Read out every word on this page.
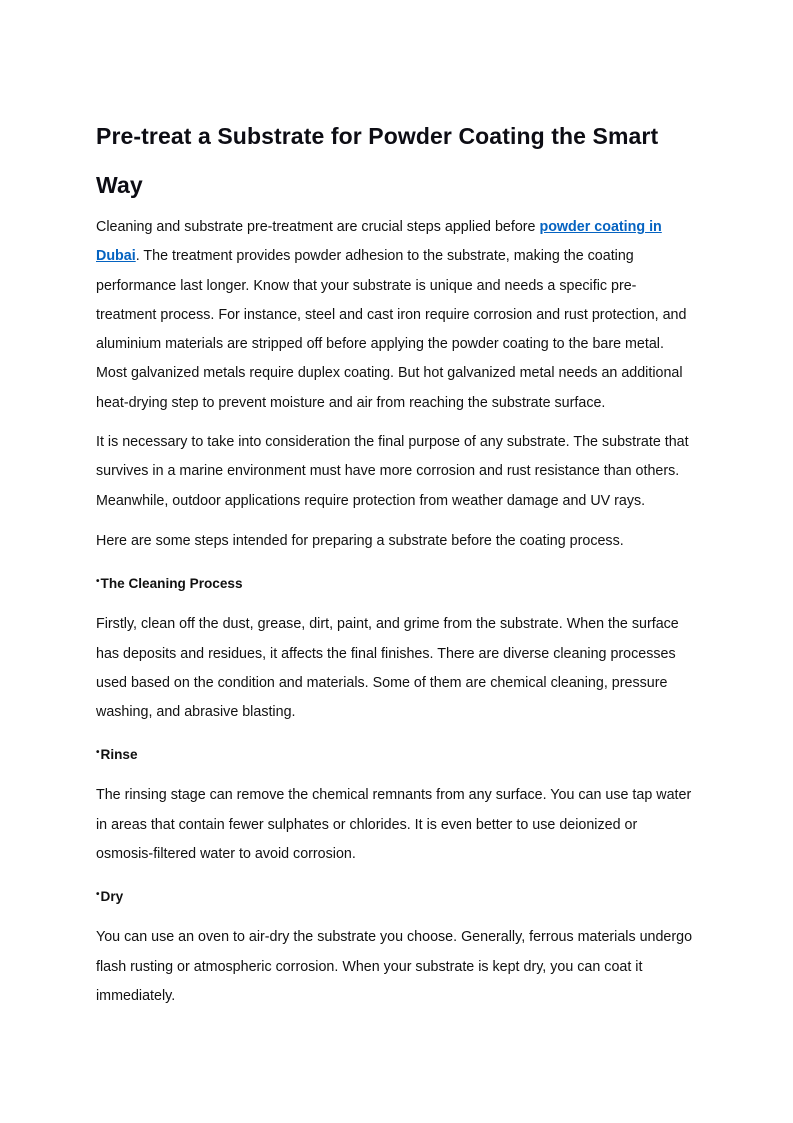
Pre-treat a Substrate for Powder Coating the Smart Way

Cleaning and substrate pre-treatment are crucial steps applied before powder coating in Dubai. The treatment provides powder adhesion to the substrate, making the coating performance last longer. Know that your substrate is unique and needs a specific pre-treatment process. For instance, steel and cast iron require corrosion and rust protection, and aluminium materials are stripped off before applying the powder coating to the bare metal. Most galvanized metals require duplex coating. But hot galvanized metal needs an additional heat-drying step to prevent moisture and air from reaching the substrate surface.

It is necessary to take into consideration the final purpose of any substrate. The substrate that survives in a marine environment must have more corrosion and rust resistance than others. Meanwhile, outdoor applications require protection from weather damage and UV rays.

Here are some steps intended for preparing a substrate before the coating process.

•The Cleaning Process

Firstly, clean off the dust, grease, dirt, paint, and grime from the substrate. When the surface has deposits and residues, it affects the final finishes. There are diverse cleaning processes used based on the condition and materials. Some of them are chemical cleaning, pressure washing, and abrasive blasting.

•Rinse

The rinsing stage can remove the chemical remnants from any surface. You can use tap water in areas that contain fewer sulphates or chlorides. It is even better to use deionized or osmosis-filtered water to avoid corrosion.

•Dry

You can use an oven to air-dry the substrate you choose. Generally, ferrous materials undergo flash rusting or atmospheric corrosion. When your substrate is kept dry, you can coat it immediately.
